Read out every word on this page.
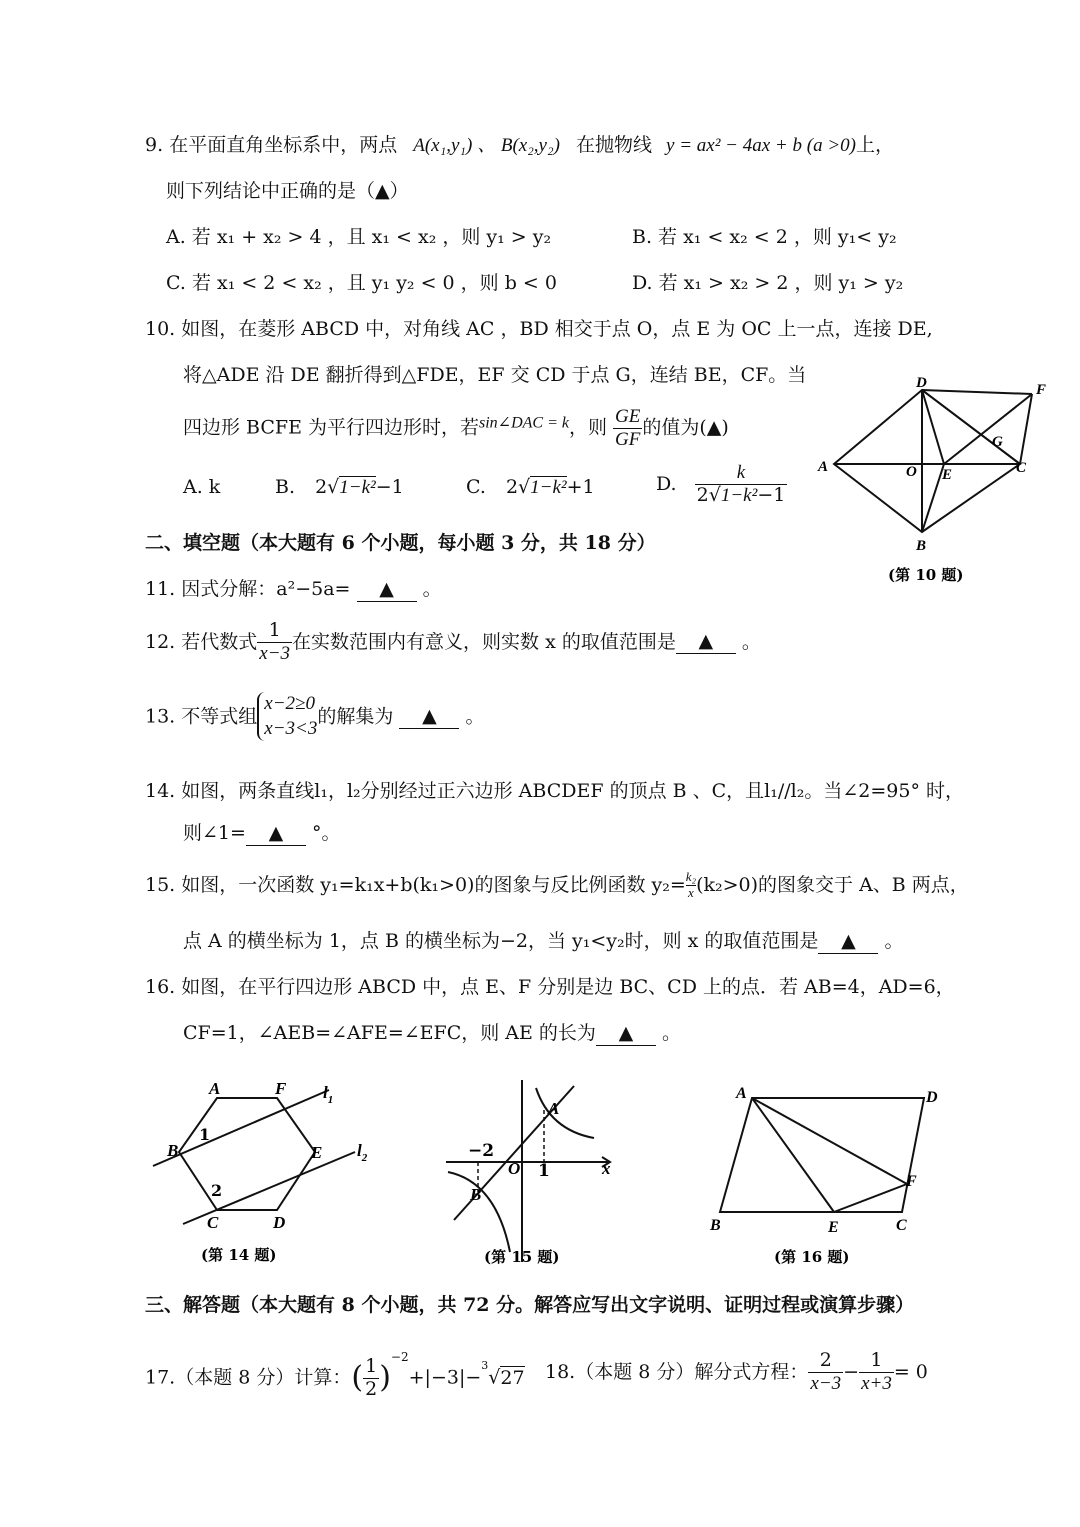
9. 在平面直角坐标系中，两点 A(x₁,y₁) 、 B(x₂,y₂) 在抛物线 y = ax² − 4ax + b (a >0)上，
则下列结论中正确的是（▲）
A. 若 x₁ + x₂ > 4 ，且 x₁ < x₂ ，则 y₁ > y₂	B. 若 x₁ < x₂ < 2 ，则 y₁< y₂
C. 若 x₁ < 2 < x₂ ，且 y₁ y₂ < 0 ，则 b < 0	D. 若 x₁ > x₂ > 2 ，则 y₁ > y₂
10. 如图，在菱形 ABCD 中，对角线 AC ，BD 相交于点 O，点 E 为 OC 上一点，连接 DE,
将△ADE 沿 DE 翻折得到△FDE，EF 交 CD 于点 G，连结 BE，CF。当
四边形 BCFE 为平行四边形时，若$^{sin\angle DAC = k}$，则 $\frac{GE}{GF}$ 的值为(▲)
A. k	B. 2√1−k²−1	C. 2√1−k²+1	D. $\frac{k}{\text{2√1−k²−1}}$ A
D	F
G
O E	C
B
(第 10 题)
二、填空题（本大题有 6 个小题，每小题 3 分，共 18 分）
11. 因式分解：a²−5a= ▲ 。
12. 若代数式 $\frac{1}{x-3}$ 在实数范围内有意义，则实数 x 的取值范围是 ▲ 。
13. 不等式组
x−2≥0
x−3<3
的解集为 ▲ 。
14. 如图，两条直线l₁，l₂分别经过正六边形 ABCDEF 的顶点 B 、C，且l₁//l₂。当∠2=95° 时，
则∠1= ▲ °。
15. 如图，一次函数 y₁=k₁x+b(k₁>0)的图象与反比例函数 $y_2= \frac{\text{k₂}}{x} (k_2>0)$的图象交于 A、B 两点，
点 A 的横坐标为 1，点 B 的横坐标为−2，当 y₁<y₂时，则 x 的取值范围是 ▲ 。
16. 如图，在平行四边形 ABCD 中，点 E、F 分别是边 BC、CD 上的点．若 AB=4，AD=6，
CF=1，∠AEB=∠AFE=∠EFC，则 AE 的长为 ▲ 。
A	F
B
1
E
2
C	D
$l_1$
$l_2$
(第 14 题)
A
B
O	x
−2
1
(第 15 题)
A	D
B	E	C
F
(第 16 题)
三、解答题（本大题有 8 个小题，共 72 分。解答应写出文字说明、证明过程或演算步骤）
17.（本题 8 分）计算：( $\frac{1}{2} )^{-2}+|-3|-^3√27$ 18.（本题 8 分）解分式方程： $\frac{2}{x-3} - \frac{1}{x+3} = 0$
